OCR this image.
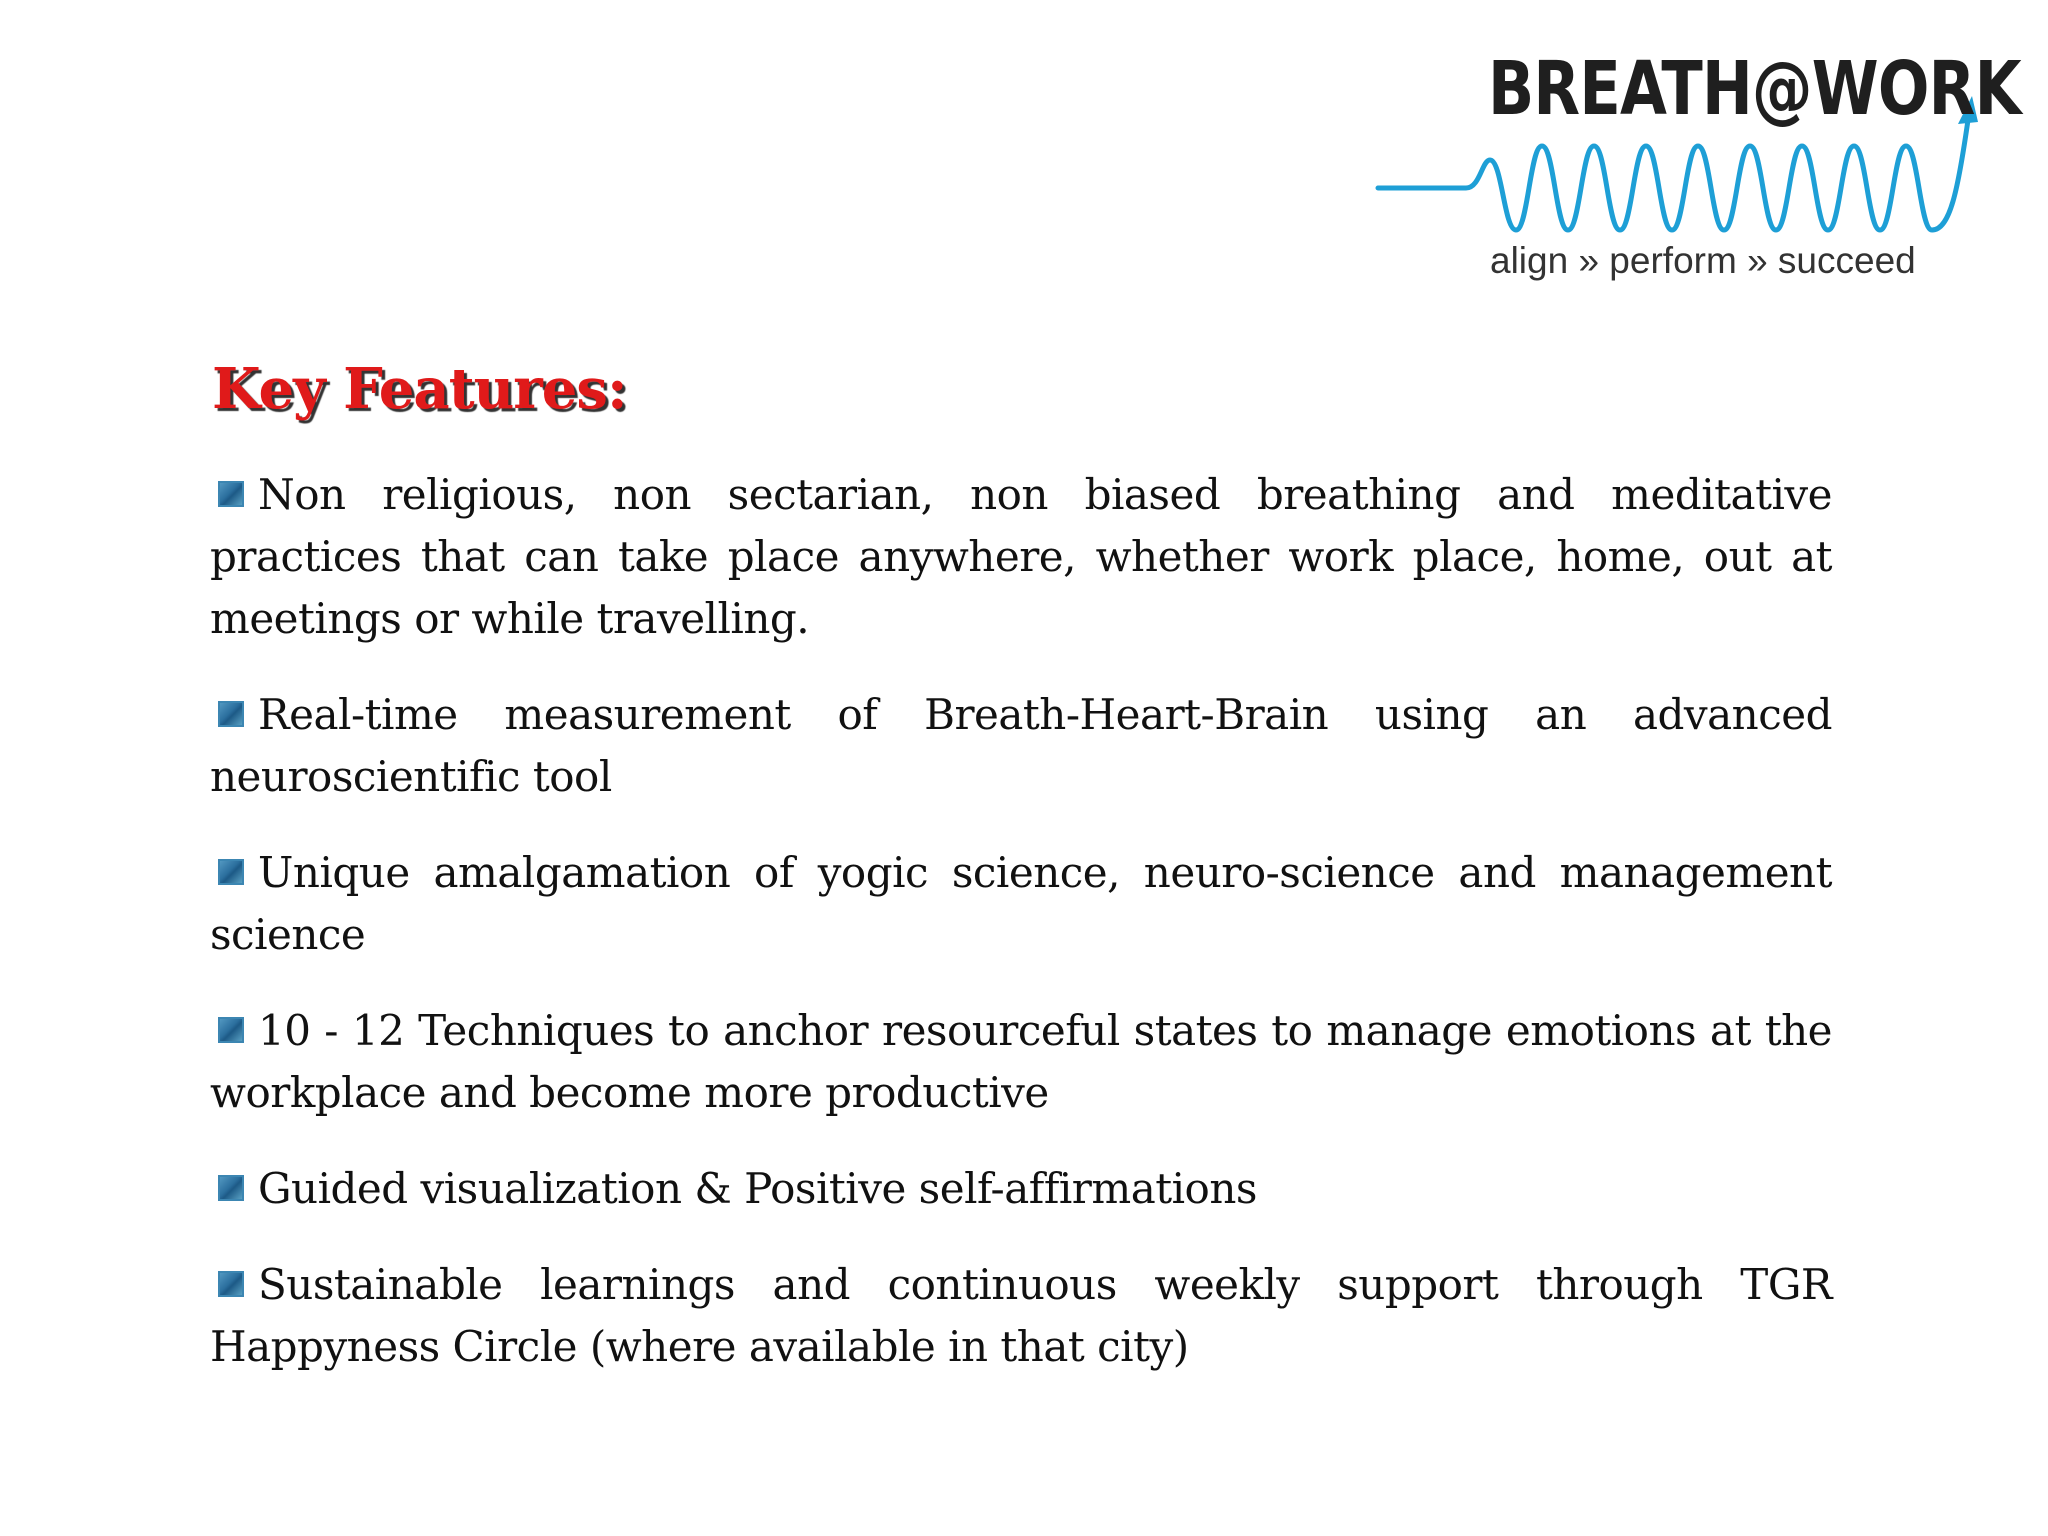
BREATH@WORK
align » perform » succeed
Key Features:
Non religious, non sectarian, non biased breathing and meditative practices that can take place anywhere, whether work place, home, out at meetings or while travelling.
Real-time measurement of Breath-Heart-Brain using an advanced neuroscientific tool
Unique amalgamation of yogic science, neuro-science and management science
10 - 12 Techniques to anchor resourceful states to manage emotions at the workplace and become more productive
Guided visualization & Positive self-affirmations
Sustainable learnings and continuous weekly support through TGR Happyness Circle (where available in that city)
